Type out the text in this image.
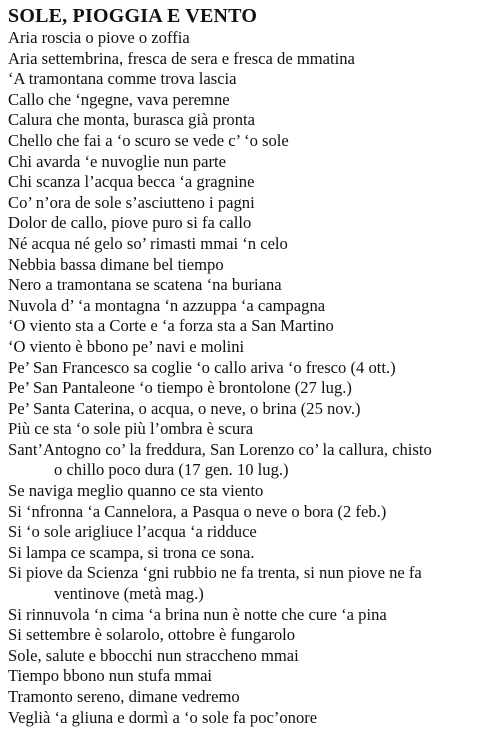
SOLE, PIOGGIA E VENTO
Aria roscia o piove o zoffia
Aria settembrina, fresca de sera e fresca de mmatina
‘A tramontana comme trova lascia
Callo che ‘ngegne, vava peremne
Calura che monta, burasca già pronta
Chello che fai a ‘o scuro se vede c’ ‘o sole
Chi avarda ‘e nuvoglie nun parte
Chi scanza l’acqua becca ‘a gragnine
Co’ n’ora de sole s’asciutteno i pagni
Dolor de callo, piove puro si fa callo
Né acqua né gelo so’ rimasti mmai ‘n celo
Nebbia bassa dimane bel tiempo
Nero a tramontana se scatena ‘na buriana
Nuvola d’ ‘a montagna ‘n azzuppa ‘a campagna
‘O viento sta a Corte e ‘a forza sta a San Martino
‘O viento è bbono pe’ navi e molini
Pe’ San Francesco sa coglie ‘o callo ariva ‘o fresco (4 ott.)
Pe’ San Pantaleone ‘o tiempo è brontolone (27 lug.)
Pe’ Santa Caterina, o acqua, o neve, o brina (25 nov.)
Più ce sta ‘o sole più l’ombra è scura
Sant’Antogno co’ la freddura, San Lorenzo co’ la callura, chisto
o chillo poco dura (17 gen. 10 lug.)
Se naviga meglio quanno ce sta viento
Si ‘nfronna ‘a Cannelora, a Pasqua o neve o bora (2 feb.)
Si ‘o sole arigliuce l’acqua ‘a ridduce
Si lampa ce scampa, si trona ce sona.
Si piove da Scienza ‘gni rubbio ne fa trenta, si nun piove ne fa
ventinove (metà mag.)
Si rinnuvola ‘n cima ‘a brina nun è notte che cure ‘a pina
Si settembre è solarolo, ottobre è fungarolo
Sole, salute e bbocchi nun straccheno mmai
Tiempo bbono nun stufa mmai
Tramonto sereno, dimane vedremo
Veglià ‘a gliuna e dormì a ‘o sole fa poc’onore
